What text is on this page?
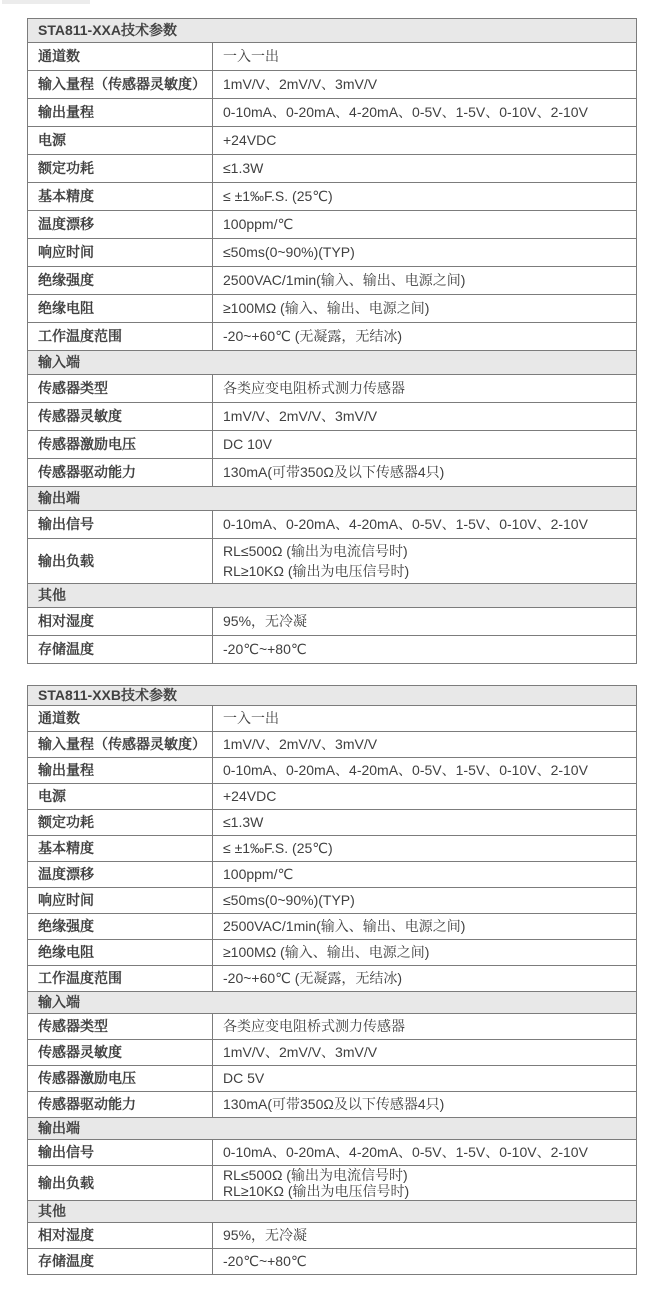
STA811-XXA技术参数	
通道数	一入一出

输入量程（传感器灵敏度）	1mV/V、2mV/V、3mV/V

输出量程	0-10mA、0-20mA、4-20mA、0-5V、1-5V、0-10V、2-10V

电源	+24VDC

额定功耗	≤1.3W

基本精度	≤ ±1‰F.S. (25℃)

温度漂移	100ppm/℃

响应时间	≤50ms(0~90%)(TYP)

绝缘强度	2500VAC/1min(输入、输出、电源之间)

绝缘电阻	≥100MΩ (输入、输出、电源之间)

工作温度范围	-20~+60℃ (无凝露，无结冰)

输入端	
传感器类型	各类应变电阻桥式测力传感器

传感器灵敏度	1mV/V、2mV/V、3mV/V

传感器激励电压	DC 10V

传感器驱动能力	130mA(可带350Ω及以下传感器4只)

输出端	
输出信号	0-10mA、0-20mA、4-20mA、0-5V、1-5V、0-10V、2-10V

输出负载	RL≤500Ω (输出为电流信号时)
RL≥10KΩ (输出为电压信号时)

其他	
相对湿度	95%，无冷凝

存储温度	-20℃~+80℃
STA811-XXB技术参数	
通道数	一入一出

输入量程（传感器灵敏度）	1mV/V、2mV/V、3mV/V

输出量程	0-10mA、0-20mA、4-20mA、0-5V、1-5V、0-10V、2-10V

电源	+24VDC

额定功耗	≤1.3W

基本精度	≤ ±1‰F.S. (25℃)

温度漂移	100ppm/℃

响应时间	≤50ms(0~90%)(TYP)

绝缘强度	2500VAC/1min(输入、输出、电源之间)

绝缘电阻	≥100MΩ (输入、输出、电源之间)

工作温度范围	-20~+60℃ (无凝露，无结冰)

输入端	
传感器类型	各类应变电阻桥式测力传感器

传感器灵敏度	1mV/V、2mV/V、3mV/V

传感器激励电压	DC 5V

传感器驱动能力	130mA(可带350Ω及以下传感器4只)

输出端	
输出信号	0-10mA、0-20mA、4-20mA、0-5V、1-5V、0-10V、2-10V

输出负载	RL≤500Ω (输出为电流信号时)
RL≥10KΩ (输出为电压信号时)

其他	
相对湿度	95%，无冷凝

存储温度	-20℃~+80℃
